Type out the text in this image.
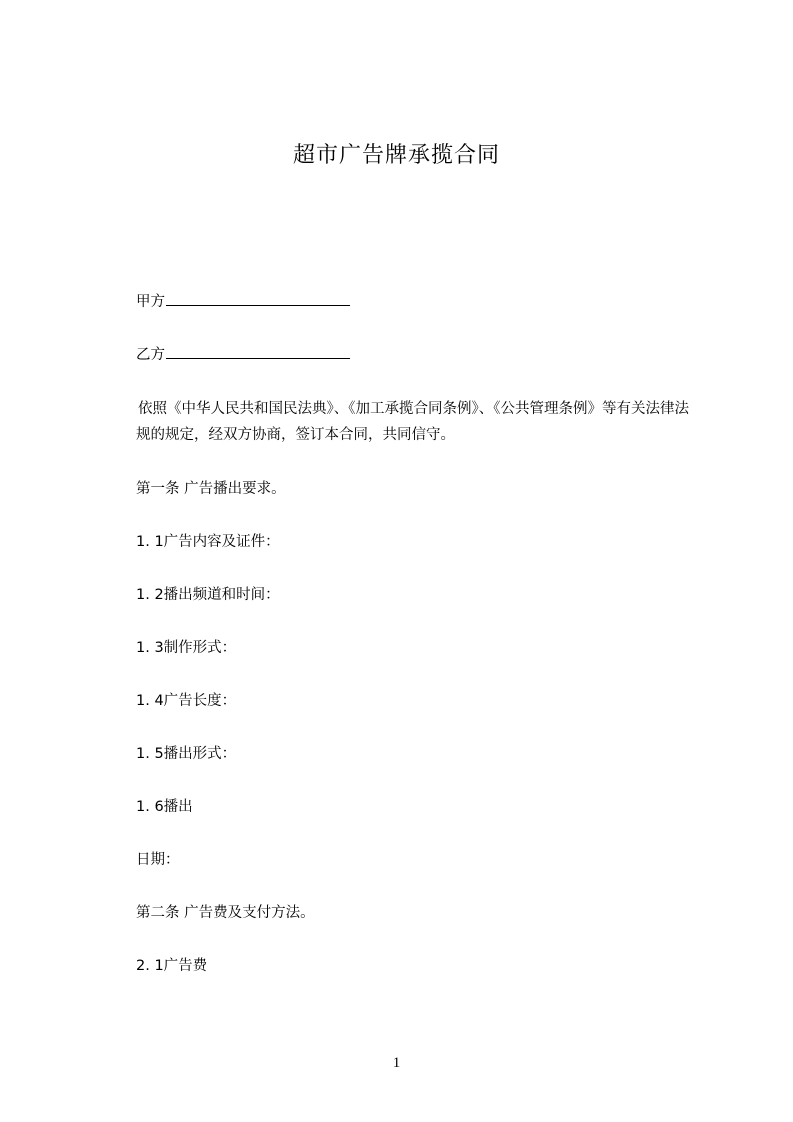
超市广告牌承揽合同
甲方
乙方
依照《中华人民共和国民法典》、《加工承揽合同条例》、《公共管理条例》等有关法律法规的规定，经双方协商，签订本合同，共同信守。
第一条 广告播出要求。
1. 1广告内容及证件：
1. 2播出频道和时间：
1. 3制作形式：
1. 4广告长度：
1. 5播出形式：
1. 6播出
日期：
第二条 广告费及支付方法。
2. 1广告费
1
